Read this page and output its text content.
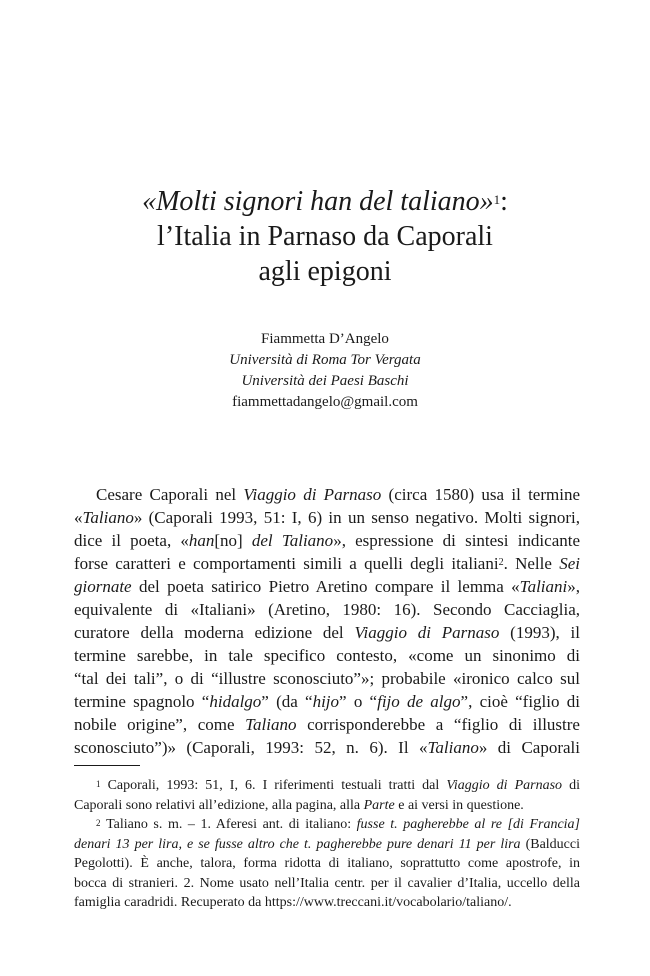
«Molti signori han del taliano»$^1$:
l’Italia in Parnaso da Caporali
agli epigoni
Fiammetta D’Angelo
Università di Roma Tor Vergata
Università dei Paesi Baschi
fiammettadangelo@gmail.com
Cesare Caporali nel Viaggio di Parnaso (circa 1580) usa il termine
«Taliano» (Caporali 1993, 51: I, 6) in un senso negativo. Molti signori,
dice il poeta, «han[no] del Taliano», espressione di sintesi indicante
forse caratteri e comportamenti simili a quelli degli italiani$^2$. Nelle Sei
giornate del poeta satirico Pietro Aretino compare il lemma «Taliani»,
equivalente di «Italiani» (Aretino, 1980: 16). Secondo Cacciaglia,
curatore della moderna edizione del Viaggio di Parnaso (1993), il
termine sarebbe, in tale specifico contesto, «come un sinonimo di
“tal dei tali”, o di “illustre sconosciuto”»; probabile «ironico calco sul
termine spagnolo “hidalgo” (da “hijo” o “fijo de algo”, cioè “figlio di
nobile origine”, come Taliano corrisponderebbe a “figlio di illustre
sconosciuto”)» (Caporali, 1993: 52, n. 6). Il «Taliano» di Caporali
$^1$ Caporali, 1993: 51, I, 6. I riferimenti testuali tratti dal Viaggio di Parnaso di
Caporali sono relativi all’edizione, alla pagina, alla Parte e ai versi in questione.
$^2$ Taliano s. m. – 1. Aferesi ant. di italiano: fusse t. pagherebbe al re [di Francia]
denari 13 per lira, e se fusse altro che t. pagherebbe pure denari 11 per lira (Balducci
Pegolotti). È anche, talora, forma ridotta di italiano, soprattutto come apostrofe, in
bocca di stranieri. 2. Nome usato nell’Italia centr. per il cavalier d’Italia, uccello della
famiglia caradridi. Recuperato da https://www.treccani.it/vocabolario/taliano/.
